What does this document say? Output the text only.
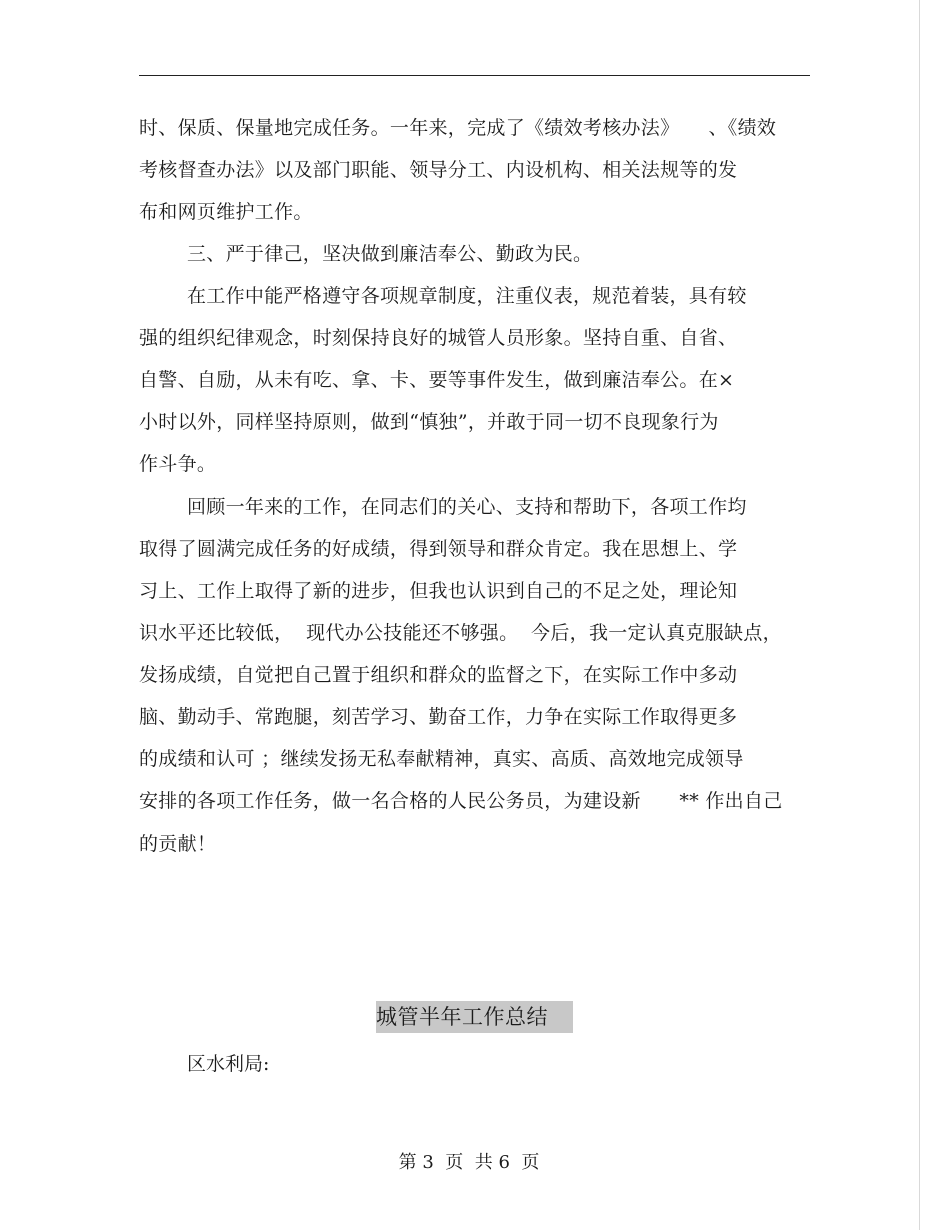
时、保质、保量地完成任务。一年来，完成了《绩效考核办法》　　、《绩效
考核督查办法》以及部门职能、领导分工、内设机构、相关法规等的发
布和网页维护工作。
三、严于律己，坚决做到廉洁奉公、勤政为民。
在工作中能严格遵守各项规章制度，注重仪表，规范着装，具有较
强的组织纪律观念，时刻保持良好的城管人员形象。坚持自重、自省、
自警、自励，从未有吃、拿、卡、要等事件发生，做到廉洁奉公。在×
小时以外，同样坚持原则，做到“慎独”，并敢于同一切不良现象行为
作斗争。
回顾一年来的工作，在同志们的关心、支持和帮助下，各项工作均
取得了圆满完成任务的好成绩，得到领导和群众肯定。我在思想上、学
习上、工作上取得了新的进步，但我也认识到自己的不足之处，理论知
识水平还比较低，  现代办公技能还不够强。  今后，我一定认真克服缺点，
发扬成绩，自觉把自己置于组织和群众的监督之下，在实际工作中多动
脑、勤动手、常跑腿，刻苦学习、勤奋工作，力争在实际工作取得更多
的成绩和认可 ；继续发扬无私奉献精神，真实、高质、高效地完成领导
安排的各项工作任务，做一名合格的人民公务员，为建设新　　** 作出自己
的贡献！
城管半年工作总结
区水利局:
第 3  页  共 6  页
